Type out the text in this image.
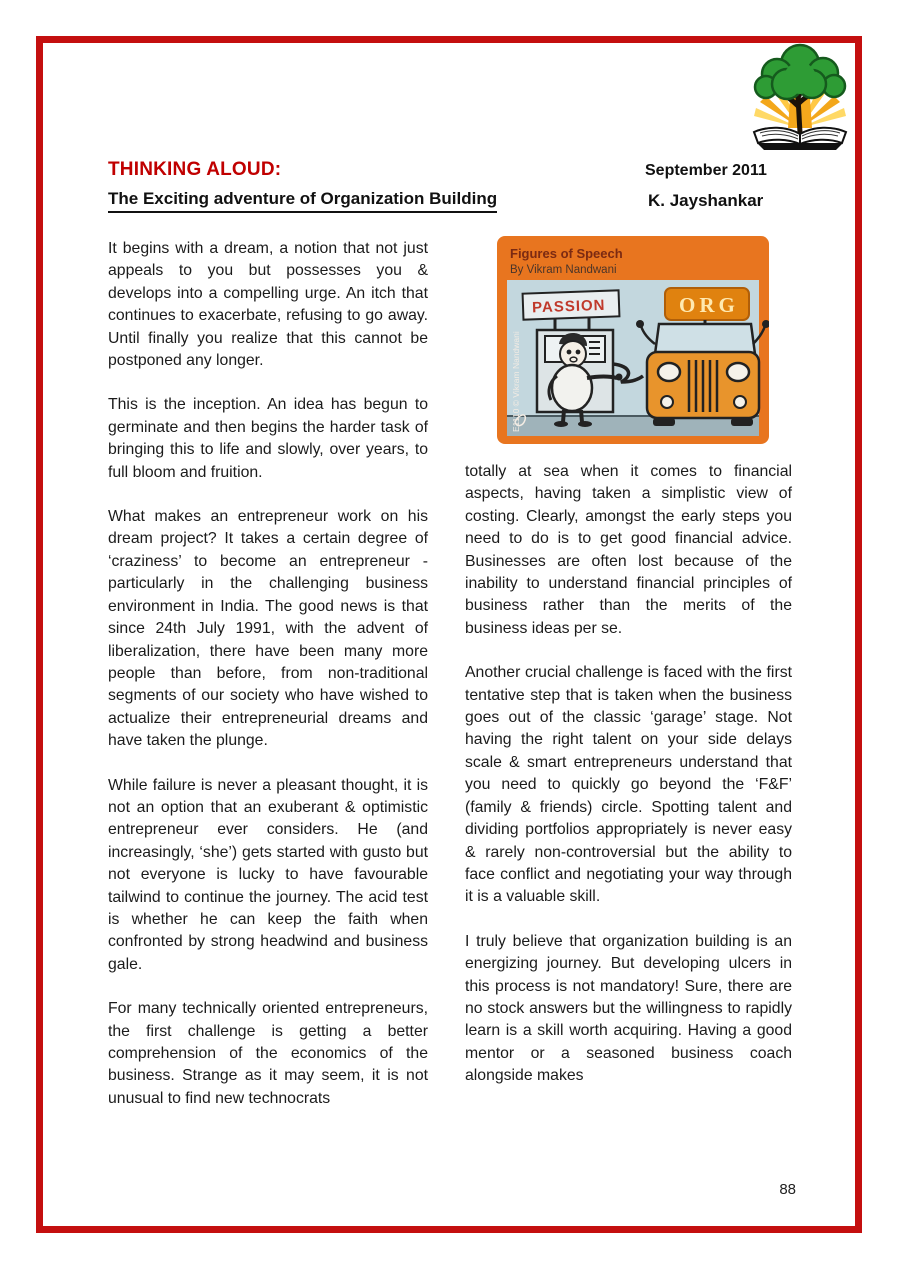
THINKING ALOUD:	September 2011
The Exciting adventure of Organization Building	K. Jayshankar

It begins with a dream, a notion that not just appeals to you but possesses you & develops into a compelling urge. An itch that continues to exacerbate, refusing to go away. Until finally you realize that this cannot be postponed any longer.

This is the inception. An idea has begun to germinate and then begins the harder task of bringing this to life and slowly, over years, to full bloom and fruition.

What makes an entrepreneur work on his dream project? It takes a certain degree of ‘craziness’ to become an entrepreneur - particularly in the challenging business environment in India. The good news is that since 24th July 1991, with the advent of liberalization, there have been many more people than before, from non-traditional segments of our society who have wished to actualize their entrepreneurial dreams and have taken the plunge.

While failure is never a pleasant thought, it is not an option that an exuberant & optimistic entrepreneur ever considers. He (and increasingly, ‘she’) gets started with gusto but not everyone is lucky to have favourable tailwind to continue the journey. The acid test is whether he can keep the faith when confronted by strong headwind and business gale.

For many technically oriented entrepreneurs, the first challenge is getting a better comprehension of the economics of the business. Strange as it may seem, it is not unusual to find new technocrats

Figures of Speech
By Vikram Nandwani
PASSION	ORG
E1110 © Vikram Nandwani

totally at sea when it comes to financial aspects, having taken a simplistic view of costing. Clearly, amongst the early steps you need to do is to get good financial advice. Businesses are often lost because of the inability to understand financial principles of business rather than the merits of the business ideas per se.

Another crucial challenge is faced with the first tentative step that is taken when the business goes out of the classic ‘garage’ stage. Not having the right talent on your side delays scale & smart entrepreneurs understand that you need to quickly go beyond the ‘F&F’ (family & friends) circle. Spotting talent and dividing portfolios appropriately is never easy & rarely non-controversial but the ability to face conflict and negotiating your way through it is a valuable skill.

I truly believe that organization building is an energizing journey. But developing ulcers in this process is not mandatory! Sure, there are no stock answers but the willingness to rapidly learn is a skill worth acquiring. Having a good mentor or a seasoned business coach alongside makes

88
